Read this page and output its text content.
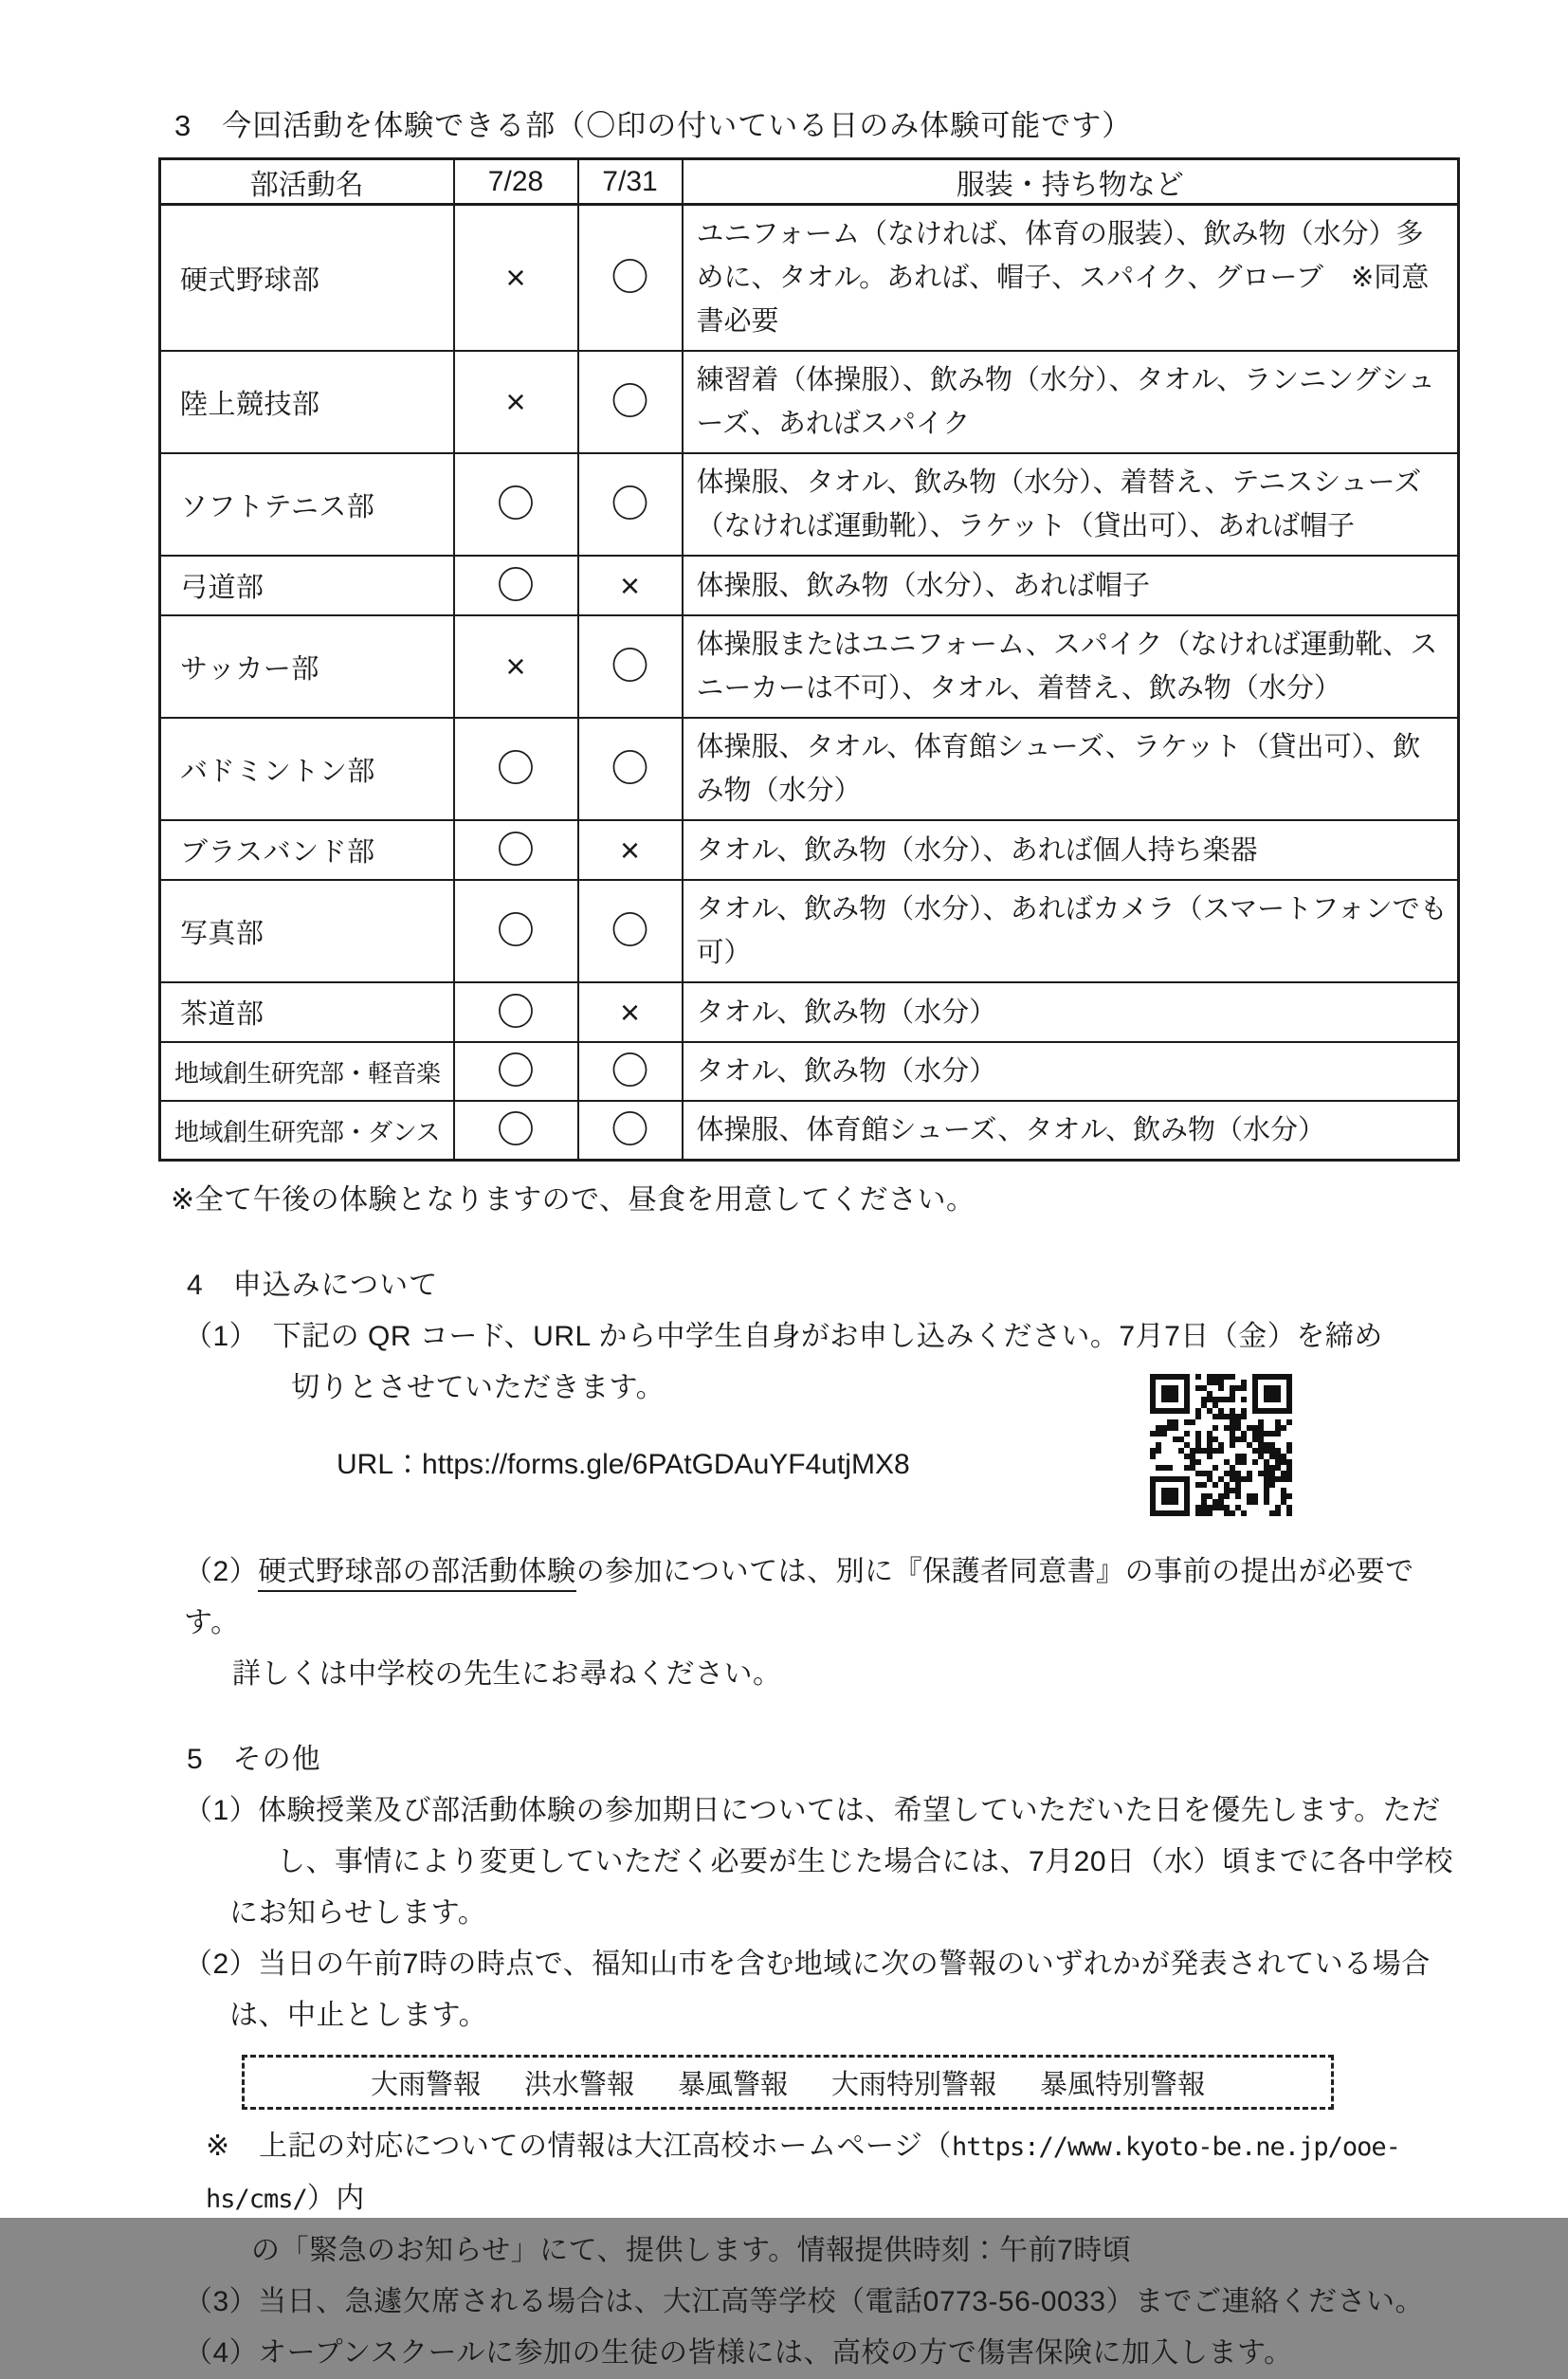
3　今回活動を体験できる部（〇印の付いている日のみ体験可能です）
部活動名	7/28	7/31	服装・持ち物など
硬式野球部	×	〇	ユニフォーム（なければ、体育の服装）、飲み物（水分）多めに、タオル。あれば、帽子、スパイク、グローブ　※同意書必要
陸上競技部	×	〇	練習着（体操服）、飲み物（水分）、タオル、ランニングシューズ、あればスパイク
ソフトテニス部	〇	〇	体操服、タオル、飲み物（水分）、着替え、テニスシューズ（なければ運動靴）、ラケット（貸出可）、あれば帽子
弓道部	〇	×	体操服、飲み物（水分）、あれば帽子
サッカー部	×	〇	体操服またはユニフォーム、スパイク（なければ運動靴、スニーカーは不可）、タオル、着替え、飲み物（水分）
バドミントン部	〇	〇	体操服、タオル、体育館シューズ、ラケット（貸出可）、飲み物（水分）
ブラスバンド部	〇	×	タオル、飲み物（水分）、あれば個人持ち楽器
写真部	〇	〇	タオル、飲み物（水分）、あればカメラ（スマートフォンでも可）
茶道部	〇	×	タオル、飲み物（水分）
地域創生研究部・軽音楽	〇	〇	タオル、飲み物（水分）
地域創生研究部・ダンス	〇	〇	体操服、体育館シューズ、タオル、飲み物（水分）
※全て午後の体験となりますので、昼食を用意してください。
4　申込みについて
（1）　下記の QR コード、URL から中学生自身がお申し込みください。7月7日（金）を締め
切りとさせていただきます。
URL：https://forms.gle/6PAtGDAuYF4utjMX8
（2）硬式野球部の部活動体験の参加については、別に『保護者同意書』の事前の提出が必要です。
詳しくは中学校の先生にお尋ねください。
5　その他
（1）体験授業及び部活動体験の参加期日については、希望していただいた日を優先します。ただ
し、事情により変更していただく必要が生じた場合には、7月20日（水）頃までに各中学校
にお知らせします。
（2）当日の午前7時の時点で、福知山市を含む地域に次の警報のいずれかが発表されている場合
は、中止とします。
大雨警報 洪水警報 暴風警報 大雨特別警報 暴風特別警報
※　上記の対応についての情報は大江高校ホームページ（https://www.kyoto-be.ne.jp/ooe-hs/cms/）内
の「緊急のお知らせ」にて、提供します。情報提供時刻：午前7時頃
（3）当日、急遽欠席される場合は、大江高等学校（電話0773‐56‐0033）までご連絡ください。
（4）オープンスクールに参加の生徒の皆様には、高校の方で傷害保険に加入します。
